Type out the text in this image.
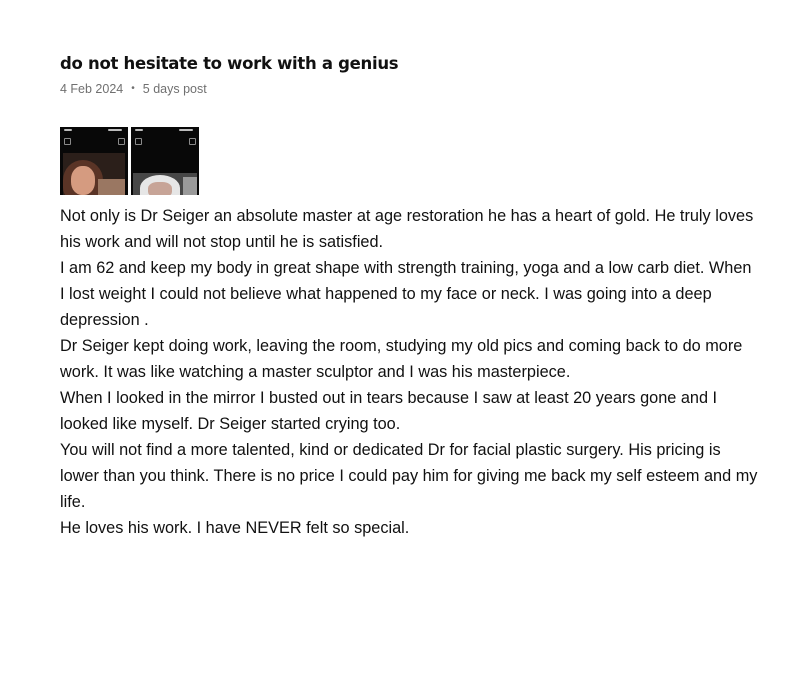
do not hesitate to work with a genius
4 Feb 2024 • 5 days post

Not only is Dr Seiger an absolute master at age restoration he has a heart of gold. He truly loves his work and will not stop until he is satisfied.

I am 62 and keep my body in great shape with strength training, yoga and a low carb diet. When I lost weight I could not believe what happened to my face or neck. I was going into a deep depression .

Dr Seiger kept doing work, leaving the room, studying my old pics and coming back to do more work. It was like watching a master sculptor and I was his masterpiece.

When I looked in the mirror I busted out in tears because I saw at least 20 years gone and I looked like myself. Dr Seiger started crying too.

You will not find a more talented, kind or dedicated Dr for facial plastic surgery. His pricing is lower than you think. There is no price I could pay him for giving me back my self esteem and my life.

He loves his work. I have NEVER felt so special.
